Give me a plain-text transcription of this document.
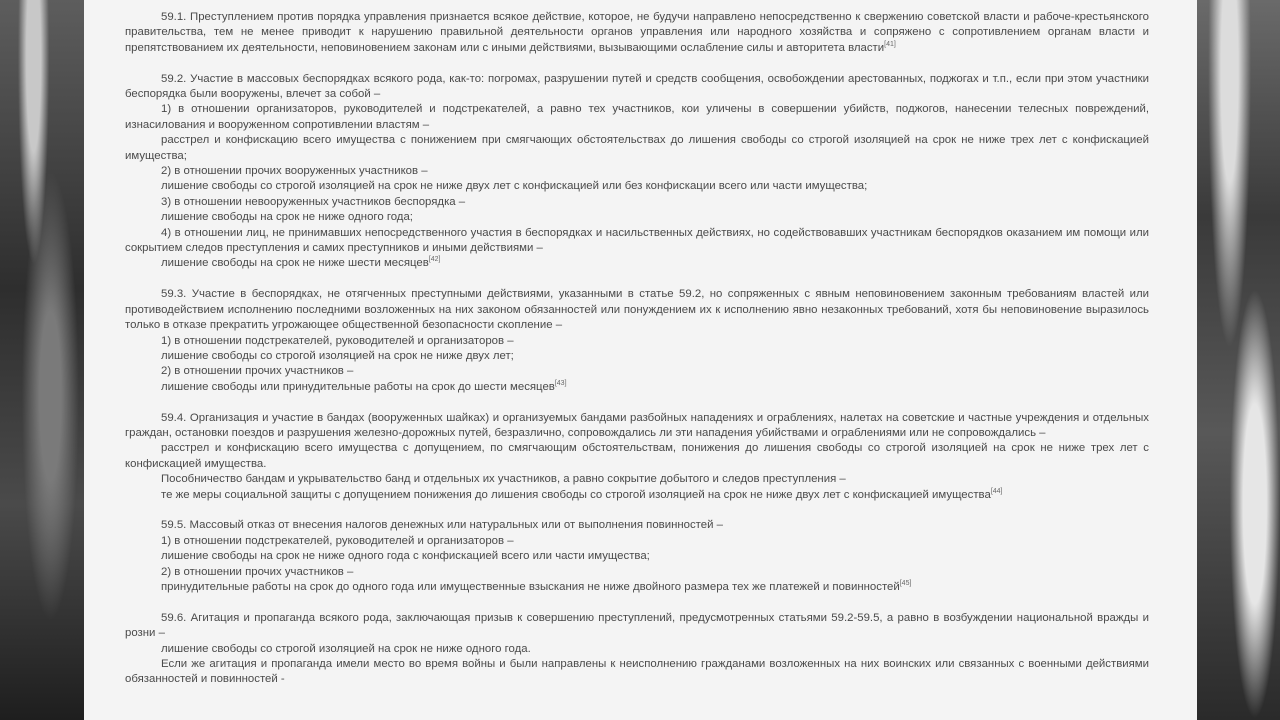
59.1. Преступлением против порядка управления признается всякое действие, которое, не будучи направлено непосредственно к свержению советской власти и рабоче-крестьянского правительства, тем не менее приводит к нарушению правильной деятельности органов управления или народного хозяйства и сопряжено с сопротивлением органам власти и препятствованием их деятельности, неповиновением законам или с иными действиями, вызывающими ослабление силы и авторитета власти[41]
59.2. Участие в массовых беспорядках всякого рода, как-то: погромах, разрушении путей и средств сообщения, освобождении арестованных, поджогах и т.п., если при этом участники беспорядка были вооружены, влечет за собой –
1) в отношении организаторов, руководителей и подстрекателей, а равно тех участников, кои уличены в совершении убийств, поджогов, нанесении телесных повреждений, изнасилования и вооруженном сопротивлении властям –
расстрел и конфискацию всего имущества с понижением при смягчающих обстоятельствах до лишения свободы со строгой изоляцией на срок не ниже трех лет с конфискацией имущества;
2) в отношении прочих вооруженных участников –
лишение свободы со строгой изоляцией на срок не ниже двух лет с конфискацией или без конфискации всего или части имущества;
3) в отношении невооруженных участников беспорядка –
лишение свободы на срок не ниже одного года;
4) в отношении лиц, не принимавших непосредственного участия в беспорядках и насильственных действиях, но содействовавших участникам беспорядков оказанием им помощи или сокрытием следов преступления и самих преступников и иными действиями –
лишение свободы на срок не ниже шести месяцев[42]
59.3. Участие в беспорядках, не отягченных преступными действиями, указанными в статье 59.2, но сопряженных с явным неповиновением законным требованиям властей или противодействием исполнению последними возложенных на них законом обязанностей или понуждением их к исполнению явно незаконных требований, хотя бы неповиновение выразилось только в отказе прекратить угрожающее общественной безопасности скопление –
1) в отношении подстрекателей, руководителей и организаторов –
лишение свободы со строгой изоляцией на срок не ниже двух лет;
2) в отношении прочих участников –
лишение свободы или принудительные работы на срок до шести месяцев[43]
59.4. Организация и участие в бандах (вооруженных шайках) и организуемых бандами разбойных нападениях и ограблениях, налетах на советские и частные учреждения и отдельных граждан, остановки поездов и разрушения железно-дорожных путей, безразлично, сопровождались ли эти нападения убийствами и ограблениями или не сопровождались –
расстрел и конфискацию всего имущества с допущением, по смягчающим обстоятельствам, понижения до лишения свободы со строгой изоляцией на срок не ниже трех лет с конфискацией имущества.
Пособничество бандам и укрывательство банд и отдельных их участников, а равно сокрытие добытого и следов преступления –
те же меры социальной защиты с допущением понижения до лишения свободы со строгой изоляцией на срок не ниже двух лет с конфискацией имущества[44]
59.5. Массовый отказ от внесения налогов денежных или натуральных или от выполнения повинностей –
1) в отношении подстрекателей, руководителей и организаторов –
лишение свободы на срок не ниже одного года с конфискацией всего или части имущества;
2) в отношении прочих участников –
принудительные работы на срок до одного года или имущественные взыскания не ниже двойного размера тех же платежей и повинностей[45]
59.6. Агитация и пропаганда всякого рода, заключающая призыв к совершению преступлений, предусмотренных статьями 59.2-59.5, а равно в возбуждении национальной вражды и розни –
лишение свободы со строгой изоляцией на срок не ниже одного года.
Если же агитация и пропаганда имели место во время войны и были направлены к неисполнению гражданами возложенных на них воинских или связанных с военными действиями обязанностей и повинностей -
